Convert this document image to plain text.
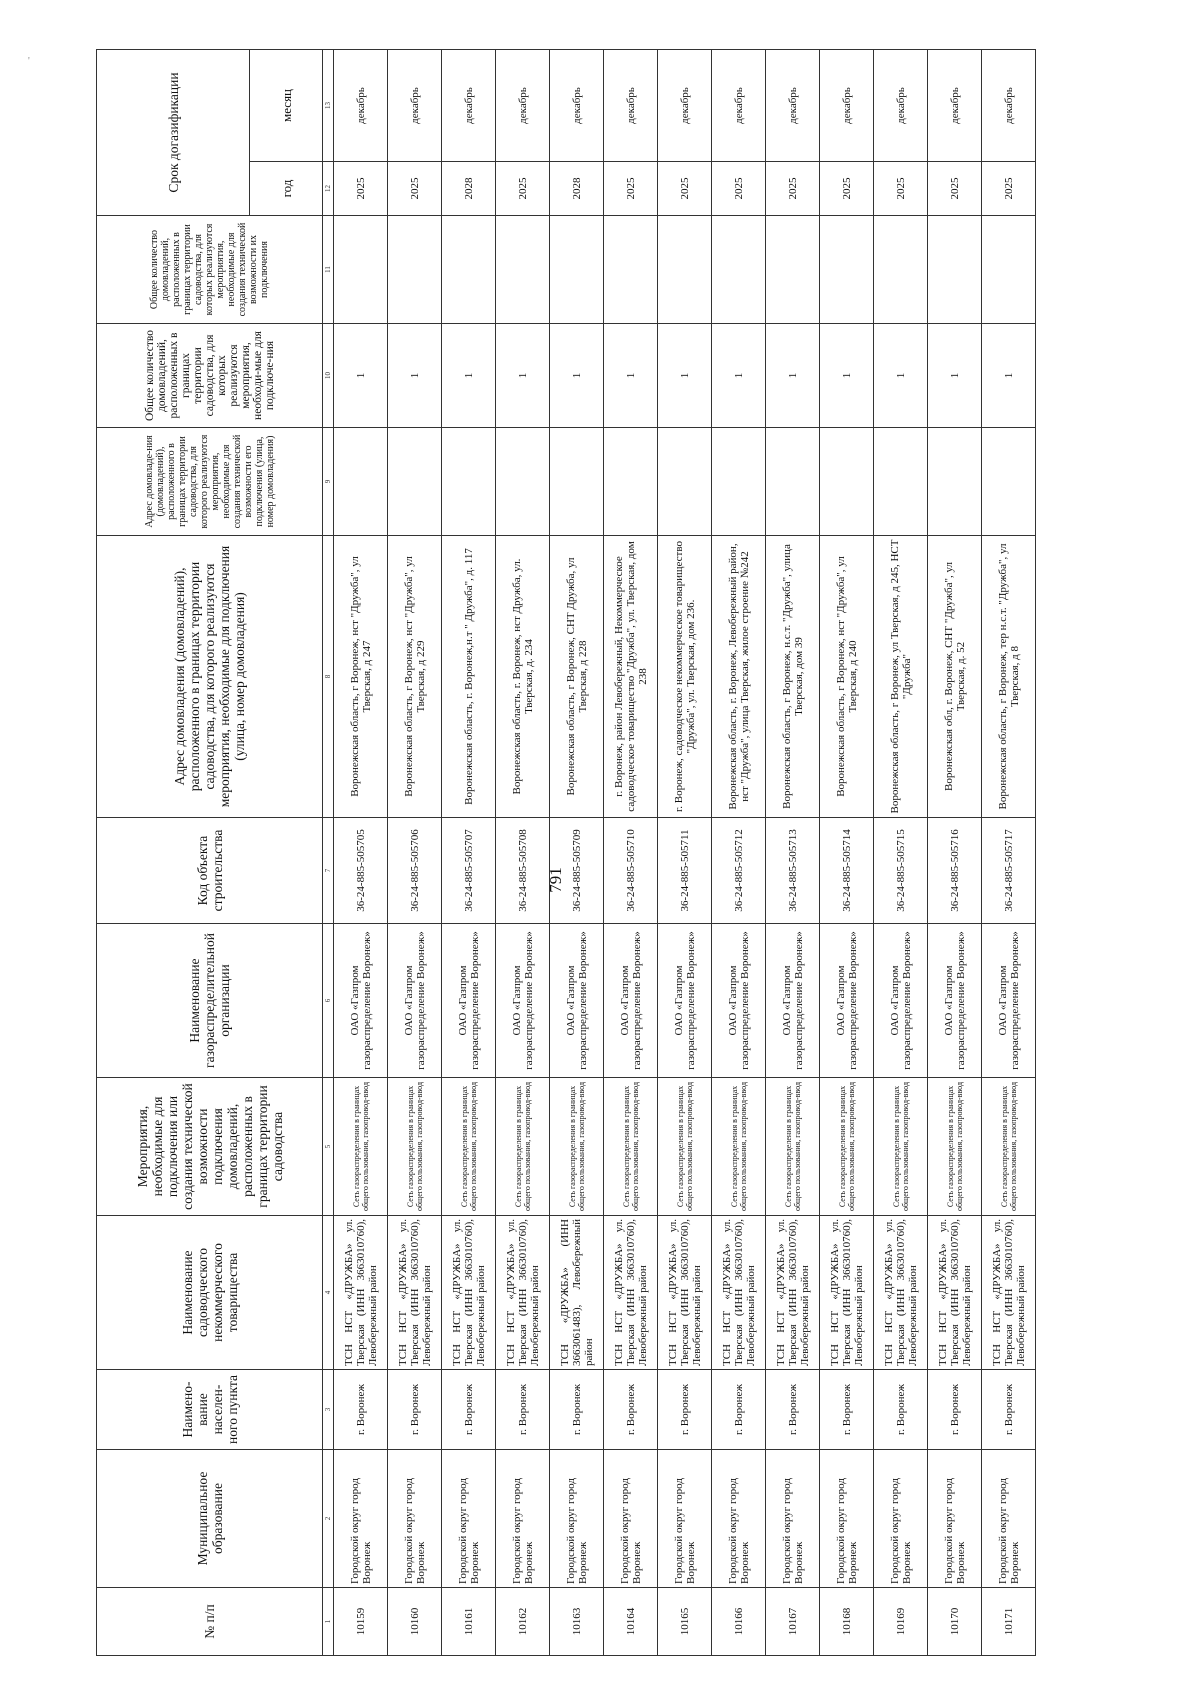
'
791
№ п/п	Муниципальное образование	Наимено-вание населен-ного пункта	Наименование садоводческого некоммерческого товарищества	Мероприятия, необходимые для подключения или создания технической возможности подключения домовладений, расположенных в границах территории садоводства	Наименование газораспределительной организации	Код объекта строительства	Адрес домовладения (домовладений), расположенного в границах территории садоводства, для которого реализуются мероприятия, необходимые для подключения (улица, номер домовладения)	Адрес домовладе-ния (домовладений), расположенного в границах территории садоводства, для которого реализуются мероприятия, необходимые для создания технической возможности его подключения (улица, номер домовладения)	Общее количество домовладений, расположенных в границах территории садоводства, для которых реализуются мероприятия, необходи-мые для подключе-ния	Общее количество домовладений, расположенных в границах территории садоводства, для которых реализуются мероприятия, необходимые для создания технической возможности их подключения	Срок догазификации	
											год	месяц
1	2	3	4	5	6	7	8	9	10	11	12	13
10159	Городской округ город Воронеж	г. Воронеж	ТСН НСТ «ДРУЖБА» ул. Тверская (ИНН 3663010760), Левобережный район	Сеть газораспределения в границах общего пользования, газопровод-ввод	ОАО «Газпром газораспределение Воронеж»	36-24-885-505705	Воронежская область, г Воронеж, нст "Дружба", ул Тверская, д 247		1		2025	декабрь
10160	Городской округ город Воронеж	г. Воронеж	ТСН НСТ «ДРУЖБА» ул. Тверская (ИНН 3663010760), Левобережный район	Сеть газораспределения в границах общего пользования, газопровод-ввод	ОАО «Газпром газораспределение Воронеж»	36-24-885-505706	Воронежская область, г Воронеж, нст "Дружба", ул Тверская, д 229		1		2025	декабрь
10161	Городской округ город Воронеж	г. Воронеж	ТСН НСТ «ДРУЖБА» ул. Тверская (ИНН 3663010760), Левобережный район	Сеть газораспределения в границах общего пользования, газопровод-ввод	ОАО «Газпром газораспределение Воронеж»	36-24-885-505707	Воронежская область, г. Воронеж,н.т " Дружба", д. 117		1		2028	декабрь
10162	Городской округ город Воронеж	г. Воронеж	ТСН НСТ «ДРУЖБА» ул. Тверская (ИНН 3663010760), Левобережный район	Сеть газораспределения в границах общего пользования, газопровод-ввод	ОАО «Газпром газораспределение Воронеж»	36-24-885-505708	Воронежская область, г. Воронеж, нст Дружба, ул. Тверская, д. 234		1		2025	декабрь
10163	Городской округ город Воронеж	г. Воронеж	ТСН «ДРУЖБА» (ИНН 3663061483), Левобережный район	Сеть газораспределения в границах общего пользования, газопровод-ввод	ОАО «Газпром газораспределение Воронеж»	36-24-885-505709	Воронежская область, г Воронеж, СНТ Дружба, ул Тверская, д 228		1		2028	декабрь
10164	Городской округ город Воронеж	г. Воронеж	ТСН НСТ «ДРУЖБА» ул. Тверская (ИНН 3663010760), Левобережный район	Сеть газораспределения в границах общего пользования, газопровод-ввод	ОАО «Газпром газораспределение Воронеж»	36-24-885-505710	г. Воронеж, район Левобережный, Некоммерческое садоводческое товарищество "Дружба", ул. Тверская, дом 238		1		2025	декабрь
10165	Городской округ город Воронеж	г. Воронеж	ТСН НСТ «ДРУЖБА» ул. Тверская (ИНН 3663010760), Левобережный район	Сеть газораспределения в границах общего пользования, газопровод-ввод	ОАО «Газпром газораспределение Воронеж»	36-24-885-505711	г. Воронеж, садоводческое некоммерческое товарищество "Дружба", ул. Тверская, дом 236.		1		2025	декабрь
10166	Городской округ город Воронеж	г. Воронеж	ТСН НСТ «ДРУЖБА» ул. Тверская (ИНН 3663010760), Левобережный район	Сеть газораспределения в границах общего пользования, газопровод-ввод	ОАО «Газпром газораспределение Воронеж»	36-24-885-505712	Воронежская область, г. Воронеж, Левобережный район, нст "Дружба", улица Тверская, жилое строение №242		1		2025	декабрь
10167	Городской округ город Воронеж	г. Воронеж	ТСН НСТ «ДРУЖБА» ул. Тверская (ИНН 3663010760), Левобережный район	Сеть газораспределения в границах общего пользования, газопровод-ввод	ОАО «Газпром газораспределение Воронеж»	36-24-885-505713	Воронежская область, г Воронеж, н.с.т. "Дружба", улица Тверская, дом 39		1		2025	декабрь
10168	Городской округ город Воронеж	г. Воронеж	ТСН НСТ «ДРУЖБА» ул. Тверская (ИНН 3663010760), Левобережный район	Сеть газораспределения в границах общего пользования, газопровод-ввод	ОАО «Газпром газораспределение Воронеж»	36-24-885-505714	Воронежская область, г Воронеж, нст "Дружба", ул Тверская, д 240		1		2025	декабрь
10169	Городской округ город Воронеж	г. Воронеж	ТСН НСТ «ДРУЖБА» ул. Тверская (ИНН 3663010760), Левобережный район	Сеть газораспределения в границах общего пользования, газопровод-ввод	ОАО «Газпром газораспределение Воронеж»	36-24-885-505715	Воронежская область, г Воронеж, ул Тверская, д 245, НСТ "Дружба"		1		2025	декабрь
10170	Городской округ город Воронеж	г. Воронеж	ТСН НСТ «ДРУЖБА» ул. Тверская (ИНН 3663010760), Левобережный район	Сеть газораспределения в границах общего пользования, газопровод-ввод	ОАО «Газпром газораспределение Воронеж»	36-24-885-505716	Воронежская обл, г. Воронеж, СНТ "Дружба", ул Тверская, д. 52		1		2025	декабрь
10171	Городской округ город Воронеж	г. Воронеж	ТСН НСТ «ДРУЖБА» ул. Тверская (ИНН 3663010760), Левобережный район	Сеть газораспределения в границах общего пользования, газопровод-ввод	ОАО «Газпром газораспределение Воронеж»	36-24-885-505717	Воронежская область, г Воронеж, тер н.с.т. "Дружба", ул Тверская, д 8		1		2025	декабрь
